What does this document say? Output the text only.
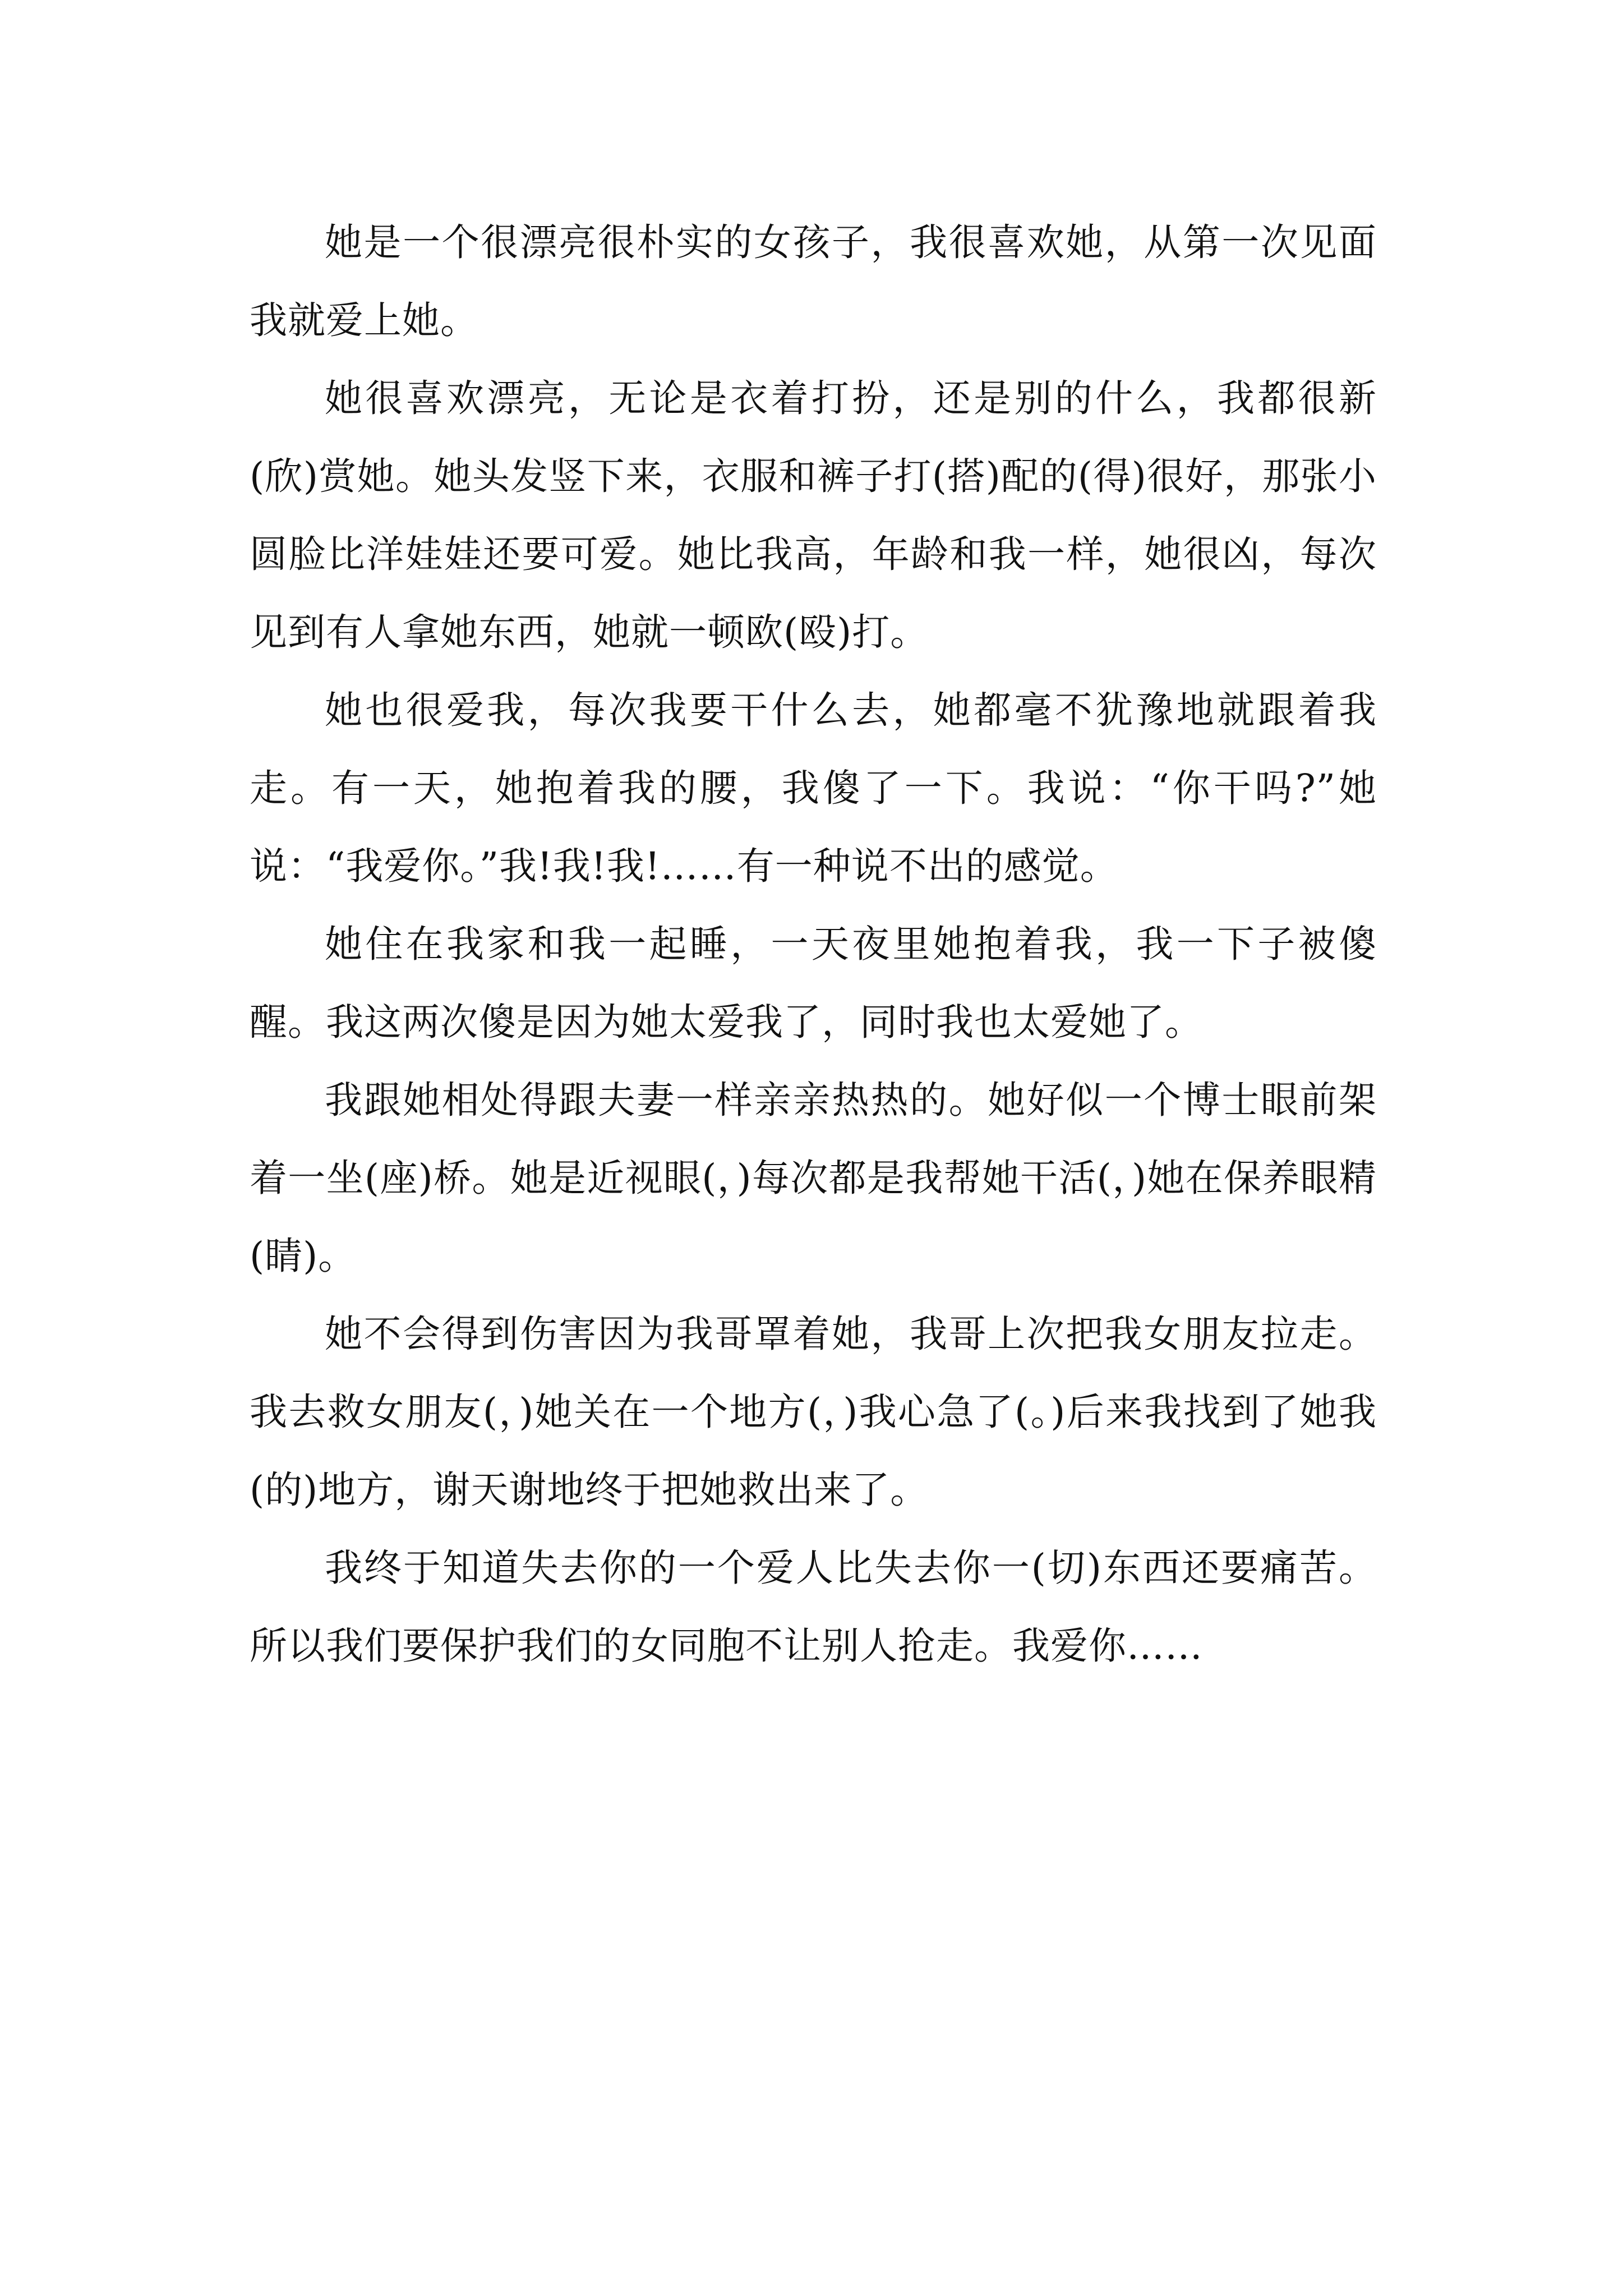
她是一个很漂亮很朴实的女孩子，我很喜欢她，从第一次见面我就爱上她。

她很喜欢漂亮，无论是衣着打扮，还是别的什么，我都很新(欣)赏她。她头发竖下来，衣服和裤子打(搭)配的(得)很好，那张小圆脸比洋娃娃还要可爱。她比我高，年龄和我一样，她很凶，每次见到有人拿她东西，她就一顿欧(殴)打。

她也很爱我，每次我要干什么去，她都毫不犹豫地就跟着我走。有一天，她抱着我的腰，我傻了一下。我说：“你干吗?”她说：“我爱你。”我!我!我!……有一种说不出的感觉。

她住在我家和我一起睡，一天夜里她抱着我，我一下子被傻醒。我这两次傻是因为她太爱我了，同时我也太爱她了。

我跟她相处得跟夫妻一样亲亲热热的。她好似一个博士眼前架着一坐(座)桥。她是近视眼(，)每次都是我帮她干活(，)她在保养眼精(睛)。

她不会得到伤害因为我哥罩着她，我哥上次把我女朋友拉走。我去救女朋友(，)她关在一个地方(，)我心急了(。)后来我找到了她我(的)地方，谢天谢地终于把她救出来了。

我终于知道失去你的一个爱人比失去你一(切)东西还要痛苦。所以我们要保护我们的女同胞不让别人抢走。我爱你……
